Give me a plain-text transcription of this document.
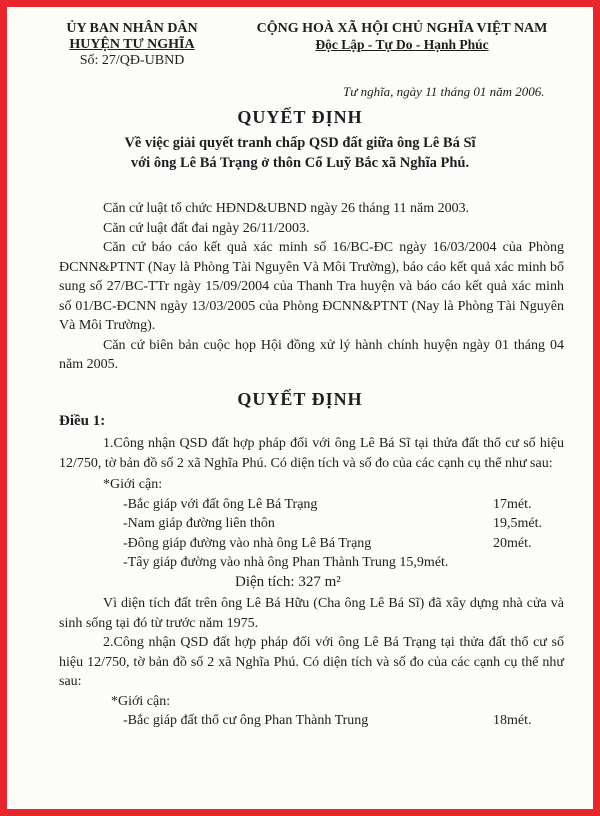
ỦY BAN NHÂN DÂN
HUYỆN TƯ NGHĨA
Số: 27/QĐ-UBND
CỘNG HOÀ XÃ HỘI CHỦ NGHĨA VIỆT NAM
Độc Lập - Tự Do - Hạnh Phúc
Tư nghĩa, ngày 11 tháng 01 năm 2006.
QUYẾT ĐỊNH
Về việc giải quyết tranh chấp QSD đất giữa ông Lê Bá Sĩ
với ông Lê Bá Trạng ở thôn Cổ Luỹ Bắc xã Nghĩa Phú.

Căn cứ luật tổ chức HĐND&UBND ngày 26 tháng 11 năm 2003.

Căn cứ luật đất đai ngày 26/11/2003.

Căn cứ báo cáo kết quả xác minh số 16/BC-ĐC ngày 16/03/2004 của Phòng ĐCNN&PTNT (Nay là Phòng Tài Nguyên Và Môi Trường), báo cáo kết quả xác minh bổ sung số 27/BC-TTr ngày 15/09/2004 của Thanh Tra huyện và báo cáo kết quả xác minh số 01/BC-ĐCNN ngày 13/03/2005 của Phòng ĐCNN&PTNT (Nay là Phòng Tài Nguyên Và Môi Trường).

Căn cứ biên bản cuộc họp Hội đồng xử lý hành chính huyện ngày 01 tháng 04 năm 2005.

QUYẾT ĐỊNH
Điều 1:

1.Công nhận QSD đất hợp pháp đối với ông Lê Bá Sĩ tại thửa đất thổ cư số hiệu 12/750, tờ bản đồ số 2 xã Nghĩa Phú. Có diện tích và số đo của các cạnh cụ thể như sau:

*Giới cận:

-Bắc giáp với đất ông Lê Bá Trạng	17mét.
-Nam giáp đường liên thôn	19,5mét.
-Đông giáp đường vào nhà ông Lê Bá Trạng	20mét.
-Tây giáp đường vào nhà ông Phan Thành Trung 15,9mét.

Diện tích: 327 m²

Vì diện tích đất trên ông Lê Bá Hữu (Cha ông Lê Bá Sĩ) đã xây dựng nhà cửa và sinh sống tại đó từ trước năm 1975.

2.Công nhận QSD đất hợp pháp đối với ông Lê Bá Trạng tại thửa đất thổ cư số hiệu 12/750, tờ bản đồ số 2 xã Nghĩa Phú. Có diện tích và số đo của các cạnh cụ thể như sau:

*Giới cận:

-Bắc giáp đất thổ cư ông Phan Thành Trung	18mét.
